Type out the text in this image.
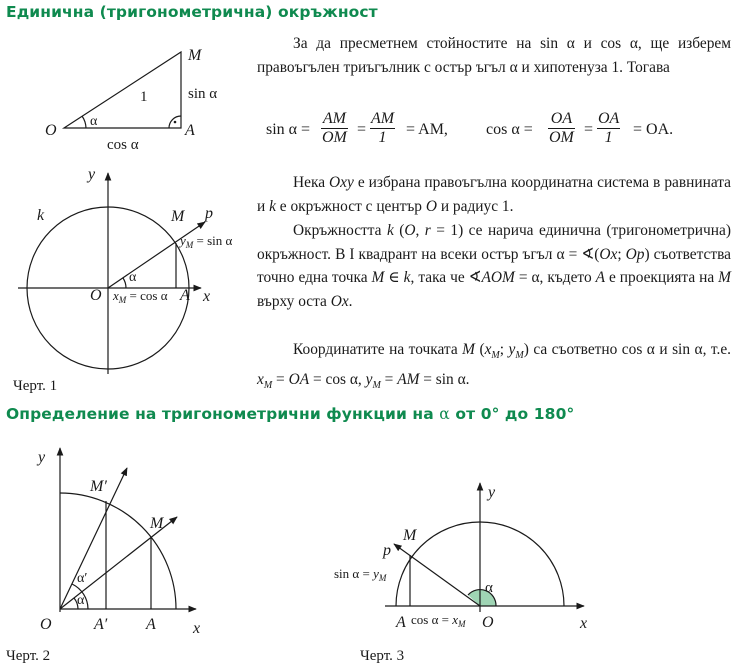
Единична (тригонометрична) окръжност
Определение на тригонометрични функции на α от 0° до 180°

За да пресметнем стойностите на sin α и cos α, ще изберем правоъгълен триъгълник с остър ъгъл α и хипотенуза 1. Тогава

$\sin \alpha = \frac{AM}{OM} = \frac{AM}{1}$ = AM, $\cos \alpha = \frac{OA}{OM} = \frac{OA}{1}$ = OA.

Нека Oxy е избрана правоъгълна координатна система в равнината и k е окръжност с център O и радиус 1.

Окръжността k (O, r = 1) се нарича единична (тригонометрична) окръжност. В I квадрант на всеки остър ъгъл α = ∢(Ox; Op) съответства точно една точка M ∈ k, така че ∢AOM = α, където A е проекцията на M върху оста Ox.

Координатите на точката M ($x_M$; $y_M$) са съответно cos α и sin α, т.е. $x_M$ = OA = cos α, $y_M$ = AM = sin α.

M
O	A
1	sin α
cos α
α
y
x
k	M p
$y_M = \sin \alpha$
O $x_M = \cos \alpha$ A
α
Черт. 1
y
x
M′
M
α′
α
O	A′ A
Черт. 2
y
x
M
p
$\sin \alpha = y_M$
α
A $\cos \alpha = x_M$ O
Черт. 3
